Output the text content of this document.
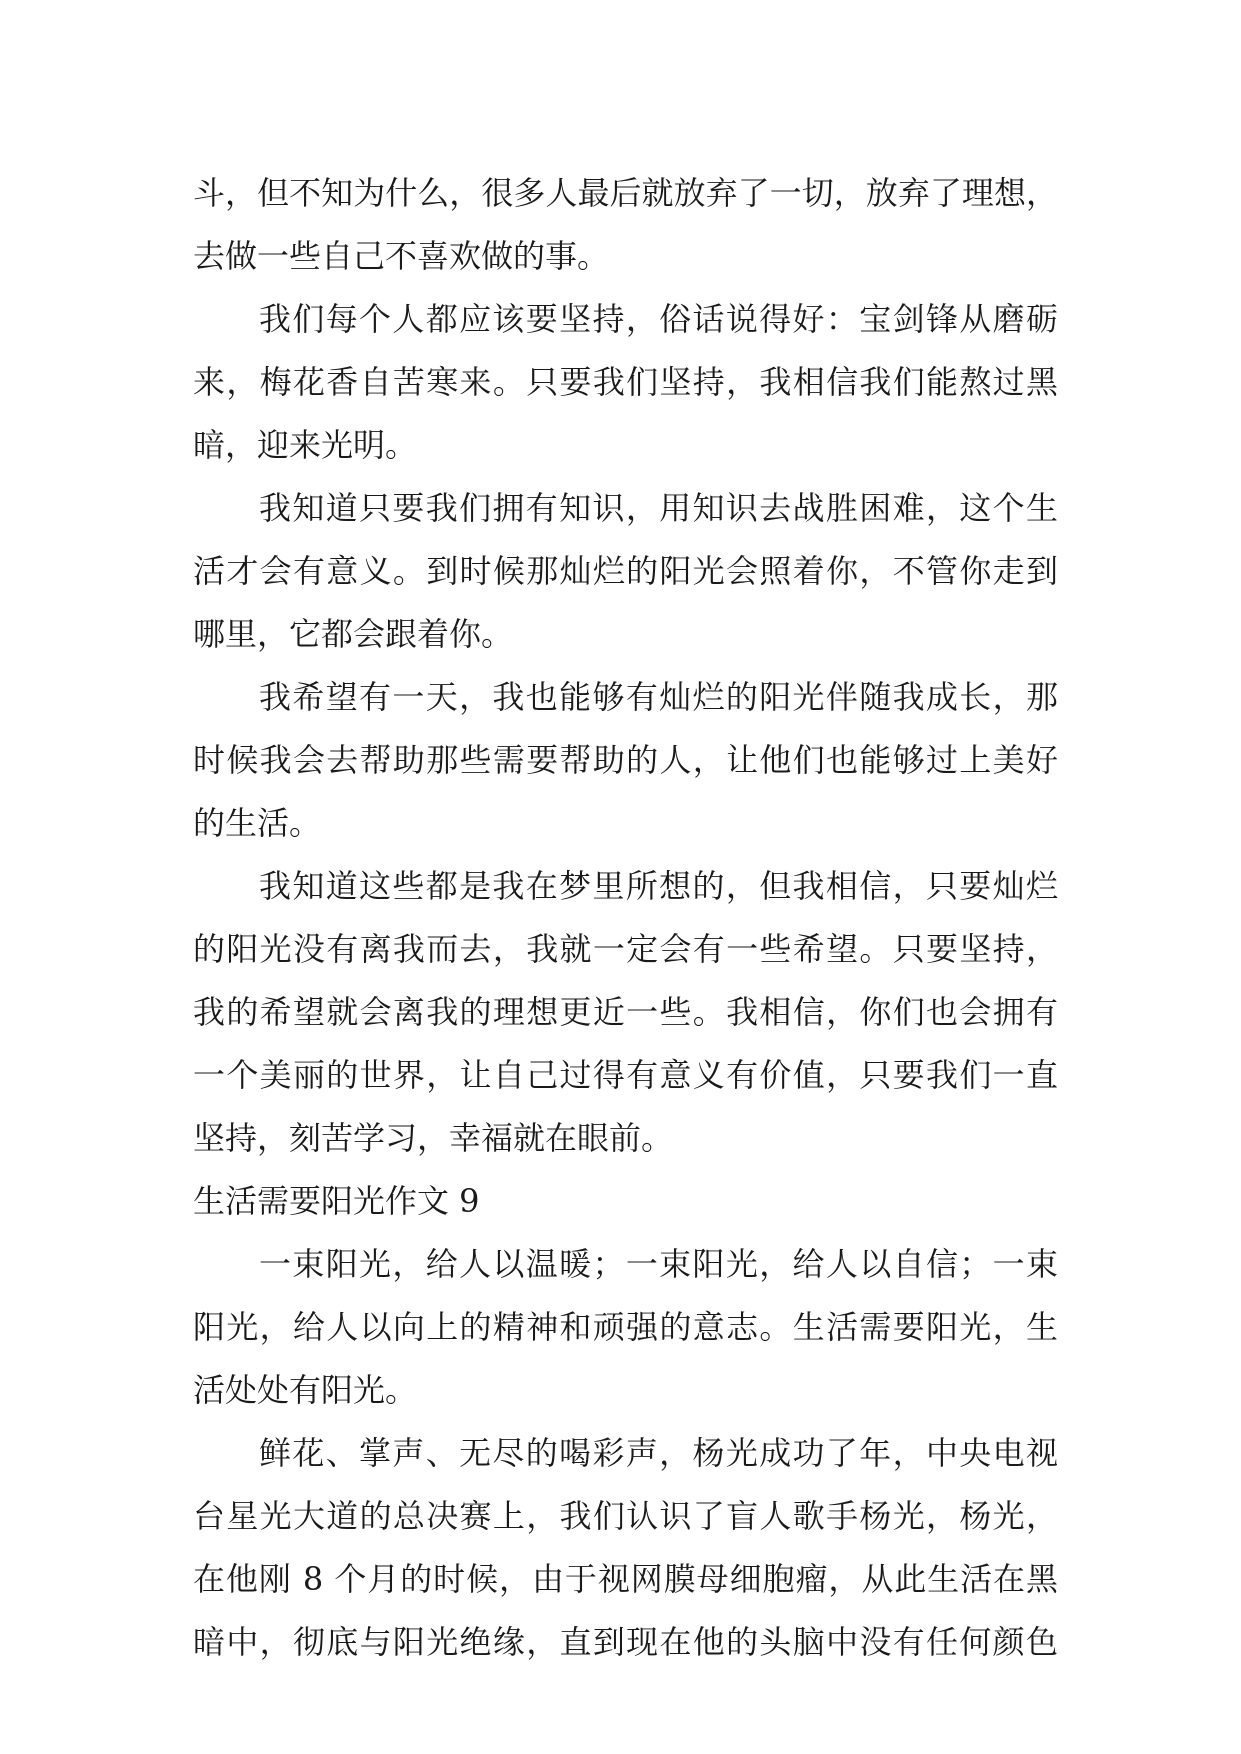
斗，但不知为什么，很多人最后就放弃了一切，放弃了理想，
去做一些自己不喜欢做的事。
我们每个人都应该要坚持，俗话说得好：宝剑锋从磨砺
来，梅花香自苦寒来。只要我们坚持，我相信我们能熬过黑
暗，迎来光明。
我知道只要我们拥有知识，用知识去战胜困难，这个生
活才会有意义。到时候那灿烂的阳光会照着你，不管你走到
哪里，它都会跟着你。
我希望有一天，我也能够有灿烂的阳光伴随我成长，那
时候我会去帮助那些需要帮助的人，让他们也能够过上美好
的生活。
我知道这些都是我在梦里所想的，但我相信，只要灿烂
的阳光没有离我而去，我就一定会有一些希望。只要坚持，
我的希望就会离我的理想更近一些。我相信，你们也会拥有
一个美丽的世界，让自己过得有意义有价值，只要我们一直
坚持，刻苦学习，幸福就在眼前。
生活需要阳光作文 9
一束阳光，给人以温暖；一束阳光，给人以自信；一束
阳光，给人以向上的精神和顽强的意志。生活需要阳光，生
活处处有阳光。
鲜花、掌声、无尽的喝彩声，杨光成功了年，中央电视
台星光大道的总决赛上，我们认识了盲人歌手杨光，杨光，
在他刚 8 个月的时候，由于视网膜母细胞瘤，从此生活在黑
暗中，彻底与阳光绝缘，直到现在他的头脑中没有任何颜色
